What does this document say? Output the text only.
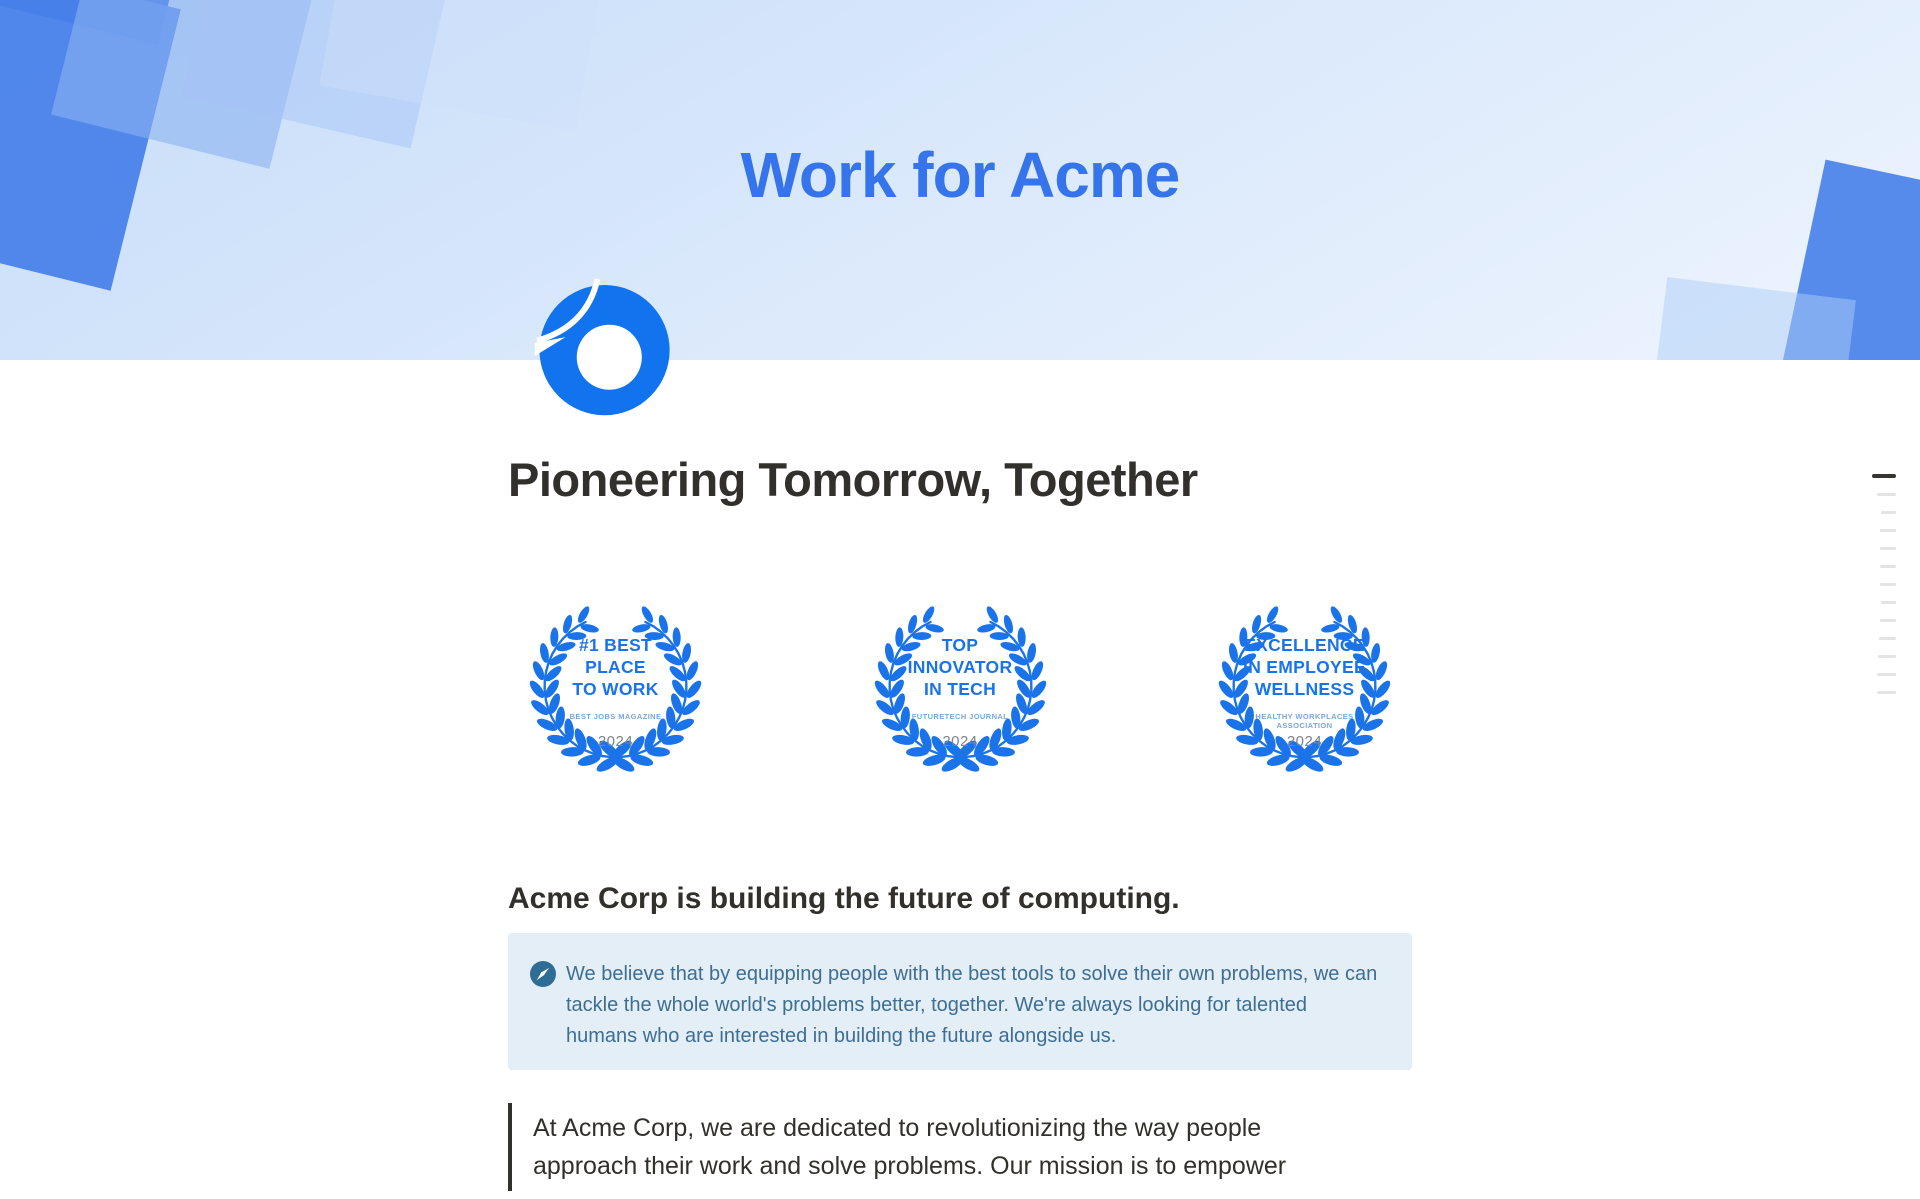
Work for Acme
Pioneering Tomorrow, Together
#1 BEST
PLACE
TO WORK
BEST JOBS MAGAZINE
2024
TOP
INNOVATOR
IN TECH
FUTURETECH JOURNAL
2024
EXCELLENCE
IN EMPLOYEE
WELLNESS
HEALTHY WORKPLACES ASSOCIATION
2024
Acme Corp is building the future of computing.

We believe that by equipping people with the best tools to solve their own problems, we can tackle the whole world's problems better, together. We're always looking for talented humans who are interested in building the future alongside us.

At Acme Corp, we are dedicated to revolutionizing the way people approach their work and solve problems. Our mission is to empower
